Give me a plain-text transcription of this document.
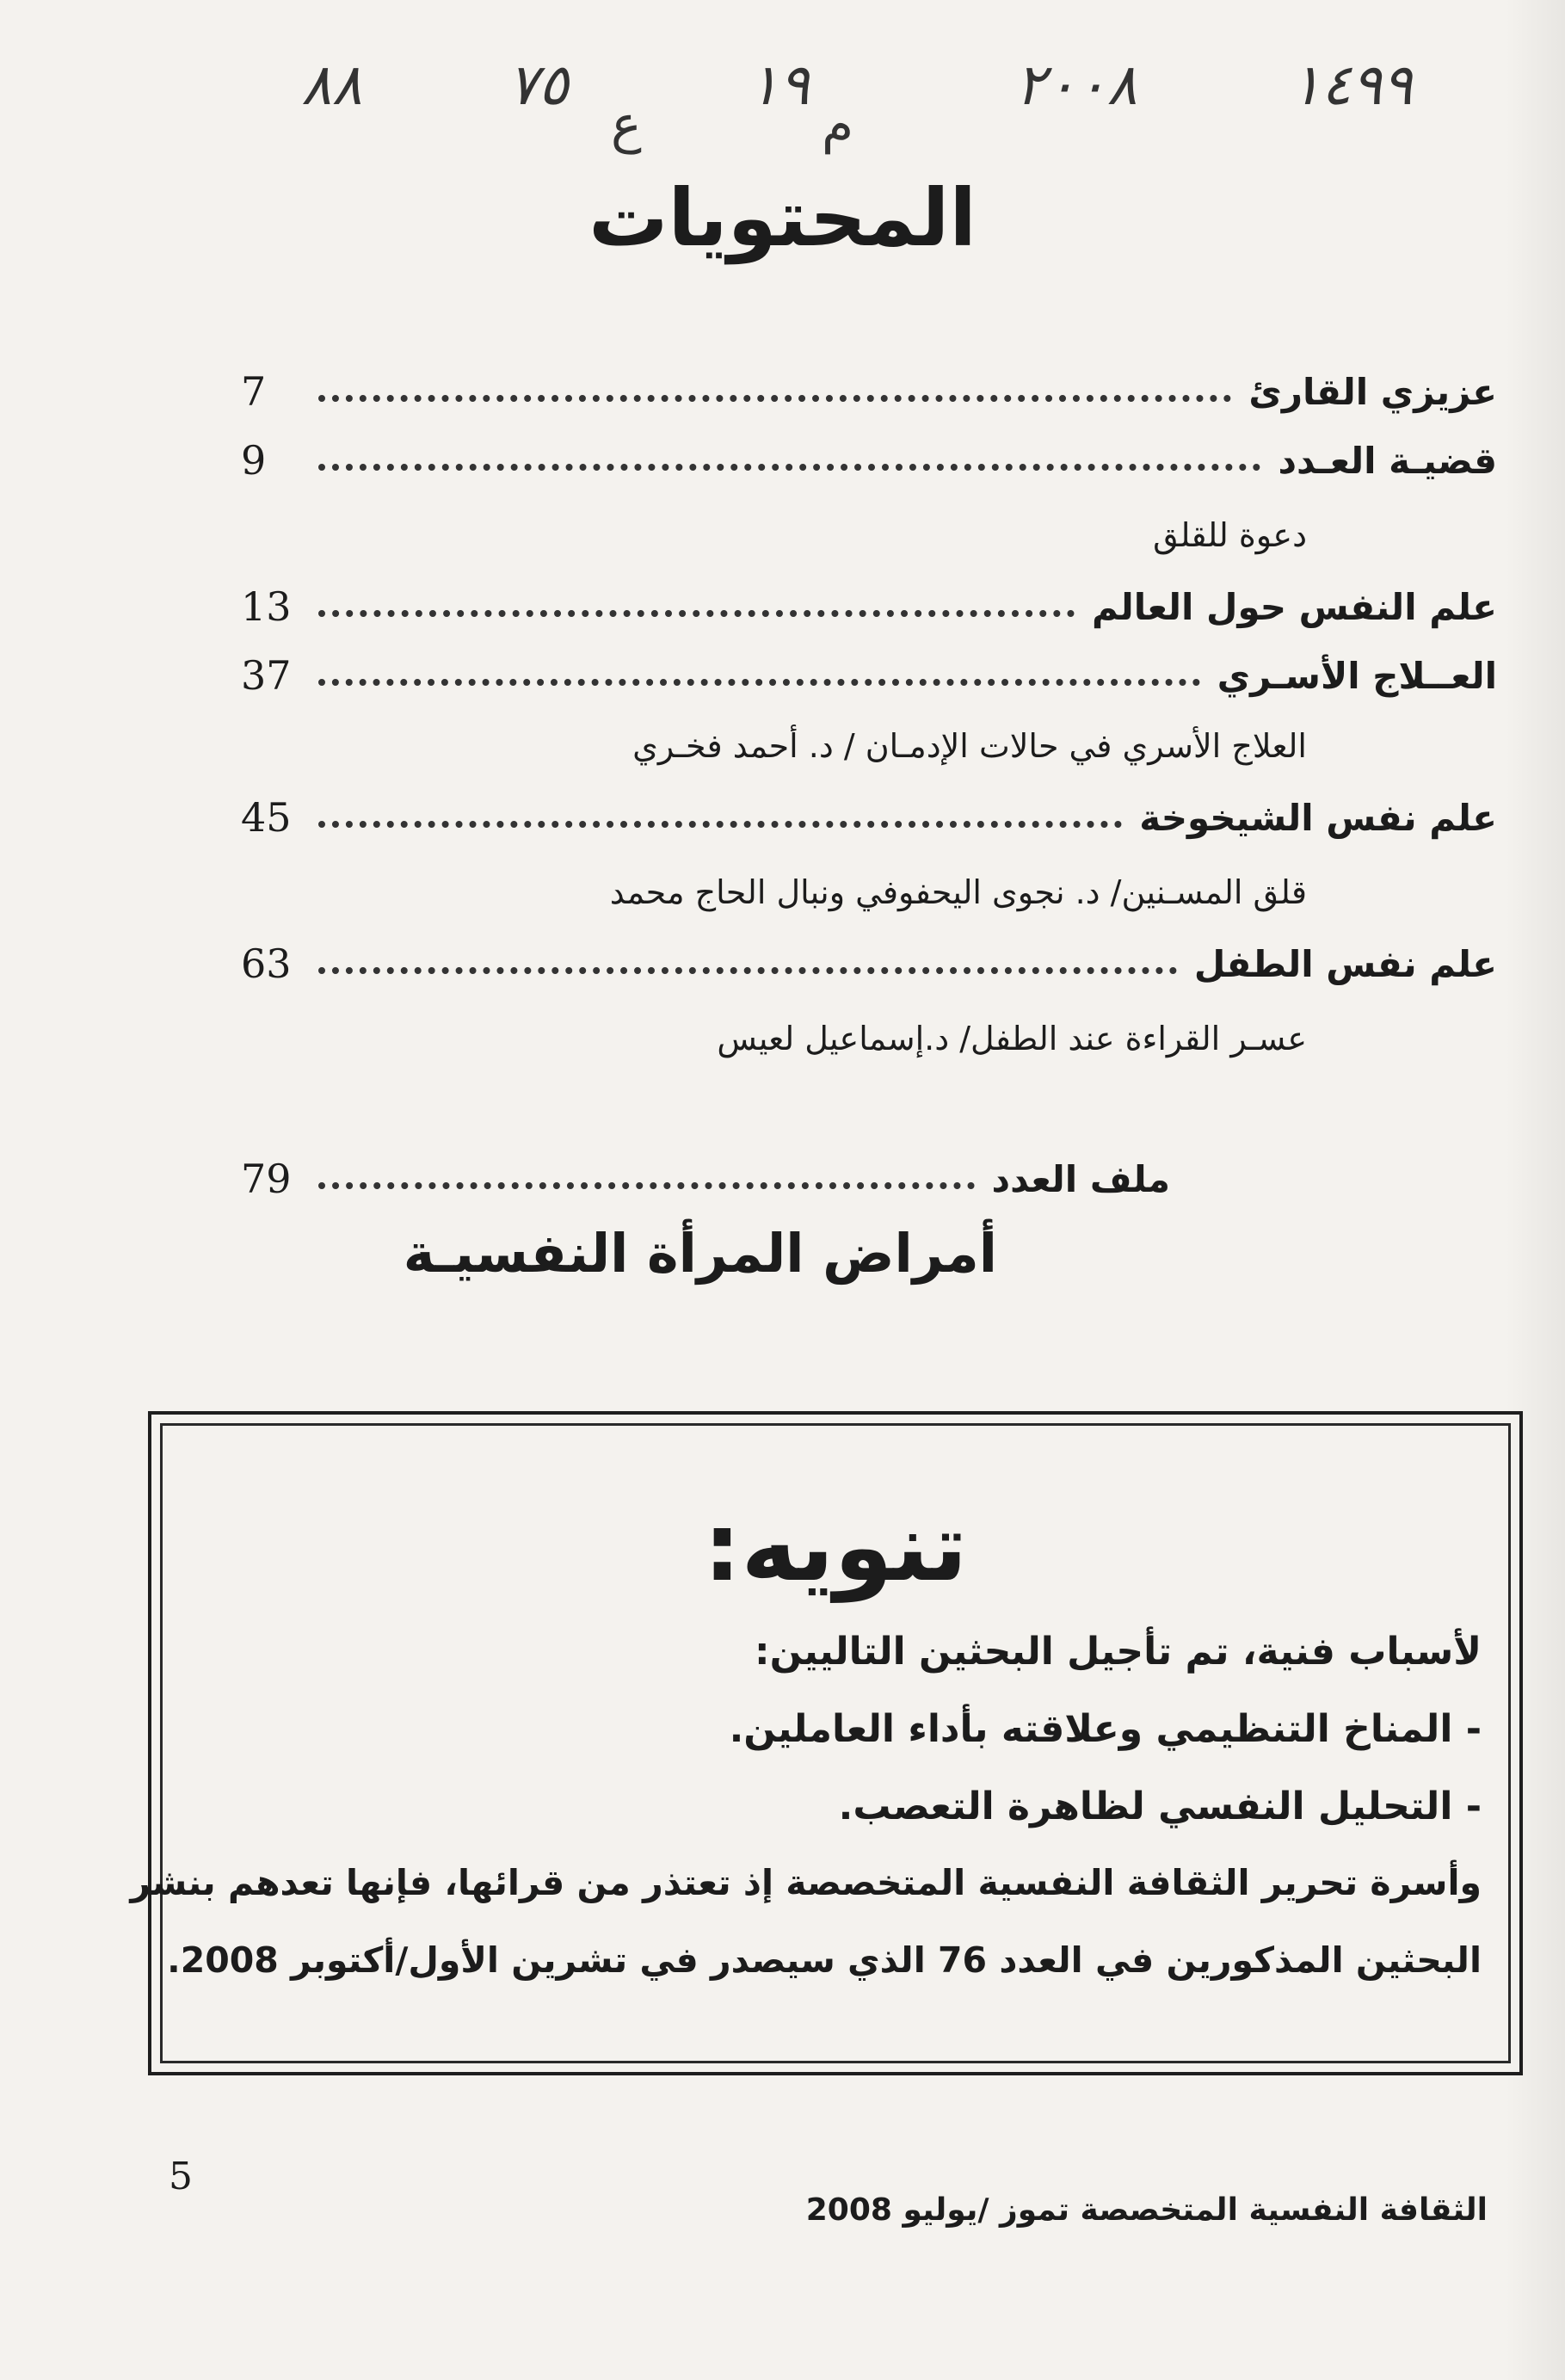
٨٨	٧٥
ع
١٩
م
٢٠٠٨	١٤٩٩
المحتويات
عزيزي القارئ
7
قضيـة العـدد
9
دعوة للقلق
علم النفس حول العالم
13
العــلاج الأسـري
37
العلاج الأسري في حالات الإدمـان / د. أحمد فخـري
علم نفس الشيخوخة
45
قلق المسـنين/ د. نجوى اليحفوفي ونبال الحاج محمد
علم نفس الطفل
63
عسـر القراءة عند الطفل/ د.إسماعيل لعيس
ملف العدد
79
أمراض المرأة النفسيـة
تنويه:
لأسباب فنية، تم تأجيل البحثين التاليين:
- المناخ التنظيمي وعلاقته بأداء العاملين.
- التحليل النفسي لظاهرة التعصب.
وأسرة تحرير الثقافة النفسية المتخصصة إذ تعتذر من قرائها، فإنها تعدهم بنشر
البحثين المذكورين في العدد 76 الذي سيصدر في تشرين الأول/أكتوبر 2008.
5
الثقافة النفسية المتخصصة تموز /يوليو 2008
